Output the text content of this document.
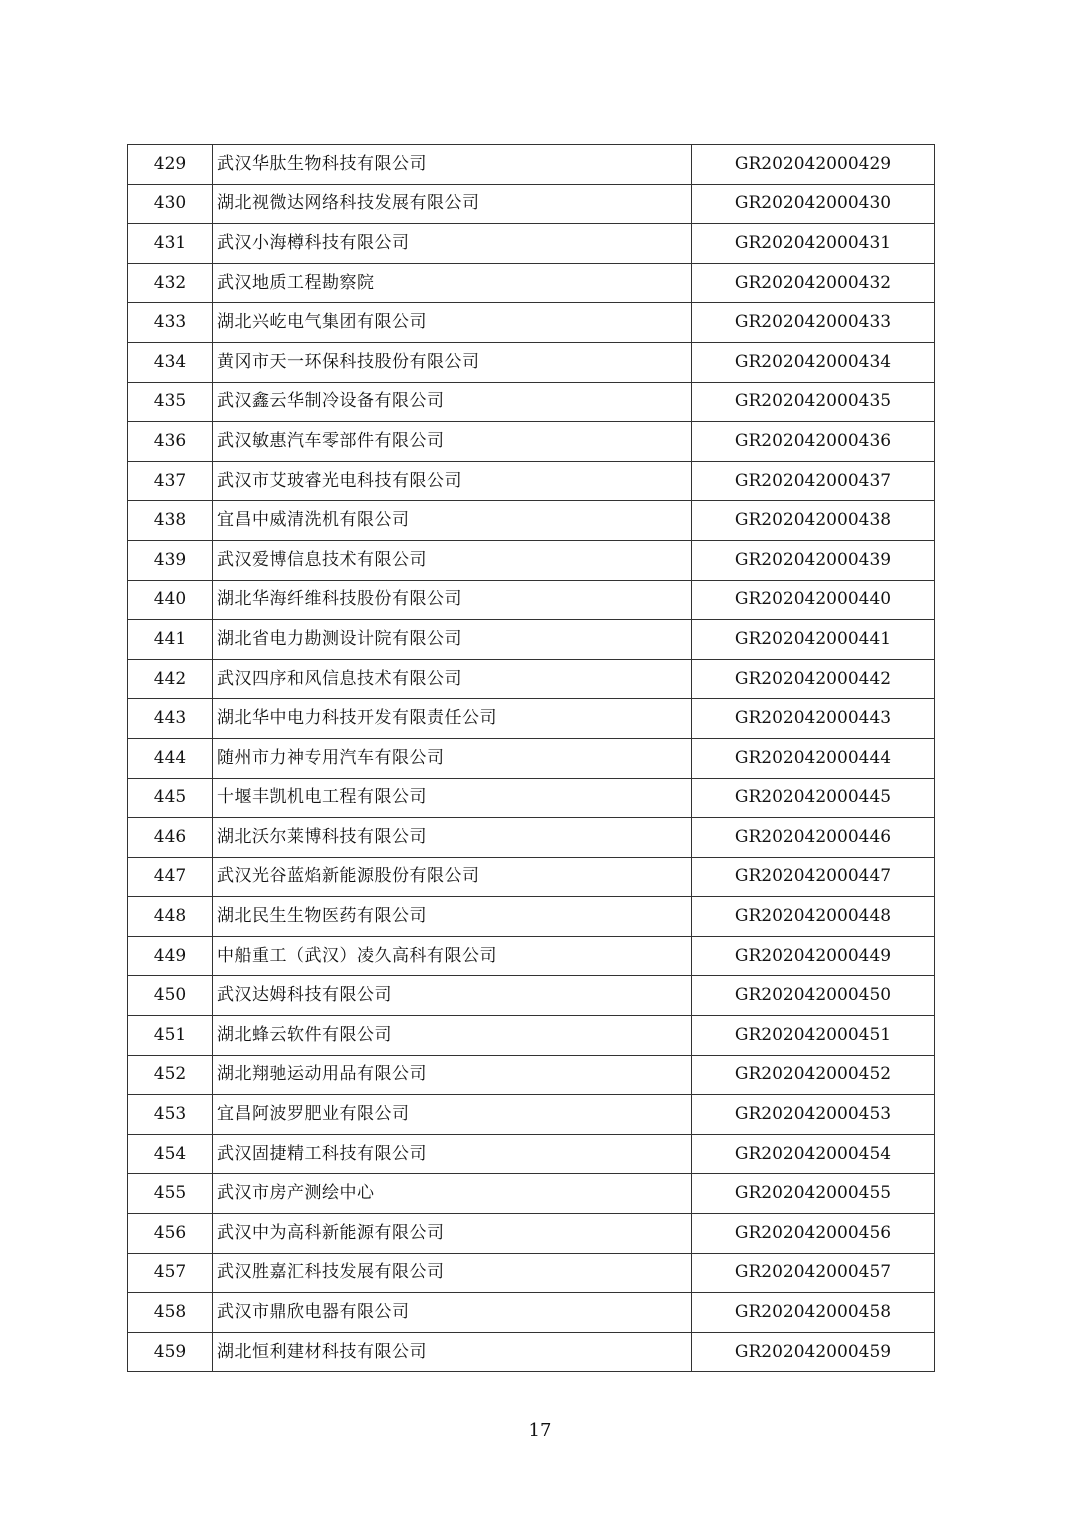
429	武汉华肽生物科技有限公司	GR202042000429
430	湖北视微达网络科技发展有限公司	GR202042000430
431	武汉小海樽科技有限公司	GR202042000431
432	武汉地质工程勘察院	GR202042000432
433	湖北兴屹电气集团有限公司	GR202042000433
434	黄冈市天一环保科技股份有限公司	GR202042000434
435	武汉鑫云华制冷设备有限公司	GR202042000435
436	武汉敏惠汽车零部件有限公司	GR202042000436
437	武汉市艾玻睿光电科技有限公司	GR202042000437
438	宜昌中威清洗机有限公司	GR202042000438
439	武汉爱博信息技术有限公司	GR202042000439
440	湖北华海纤维科技股份有限公司	GR202042000440
441	湖北省电力勘测设计院有限公司	GR202042000441
442	武汉四序和风信息技术有限公司	GR202042000442
443	湖北华中电力科技开发有限责任公司	GR202042000443
444	随州市力神专用汽车有限公司	GR202042000444
445	十堰丰凯机电工程有限公司	GR202042000445
446	湖北沃尔莱博科技有限公司	GR202042000446
447	武汉光谷蓝焰新能源股份有限公司	GR202042000447
448	湖北民生生物医药有限公司	GR202042000448
449	中船重工（武汉）凌久高科有限公司	GR202042000449
450	武汉达姆科技有限公司	GR202042000450
451	湖北蜂云软件有限公司	GR202042000451
452	湖北翔驰运动用品有限公司	GR202042000452
453	宜昌阿波罗肥业有限公司	GR202042000453
454	武汉固捷精工科技有限公司	GR202042000454
455	武汉市房产测绘中心	GR202042000455
456	武汉中为高科新能源有限公司	GR202042000456
457	武汉胜嘉汇科技发展有限公司	GR202042000457
458	武汉市鼎欣电器有限公司	GR202042000458
459	湖北恒利建材科技有限公司	GR202042000459
17
